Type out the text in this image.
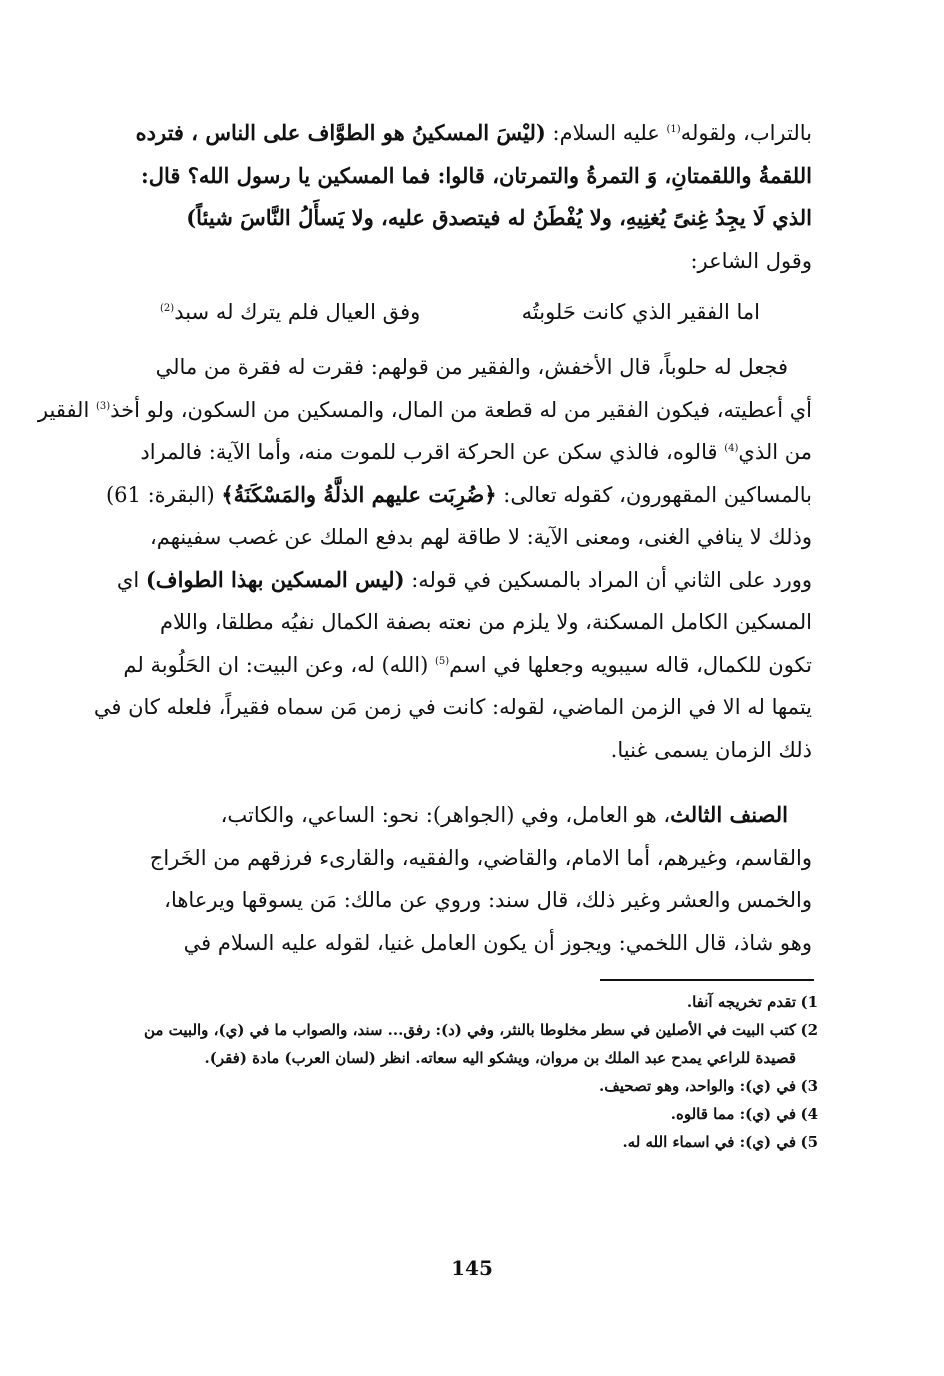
بالتراب، ولقوله$^{(1)}$ عليه السلام: (ليْسَ المسكينُ هو الطوَّاف على الناس ، فترده
اللقمةُ واللقمتانِ، وَ التمرةُ والتمرتان، قالوا: فما المسكين يا رسول الله؟ قال:
الذي لَا يجِدُ غِنىً يُغنِيهِ، ولا يُفْطَنُ له فيتصدق عليه، ولا يَسأَلُ النَّاسَ شيئاً)
وقول الشاعر:
اما الفقير الذي كانت حَلوبتُه
وفق العيال فلم يترك له سبد$^{(2)}$
فجعل له حلوباً، قال الأخفش، والفقير من قولهم: فقرت له فقرة من مالي
أي أعطيته، فيكون الفقير من له قطعة من المال، والمسكين من السكون، ولو أخذ$^{(3)}$ الفقير
من الذي$^{(4)}$ قالوه، فالذي سكن عن الحركة اقرب للموت منه، وأما الآية: فالمراد
بالمساكين المقهورون، كقوله تعالى: ﴿ضُرِبَت عليهم الذلَّةُ والمَسْكَنَةُ﴾ (البقرة: 61)
وذلك لا ينافي الغنى، ومعنى الآية: لا طاقة لهم بدفع الملك عن غصب سفينهم،
وورد على الثاني أن المراد بالمسكين في قوله: (ليس المسكين بهذا الطواف) اي
المسكين الكامل المسكنة، ولا يلزم من نعته بصفة الكمال نفيُه مطلقا، واللام
تكون للكمال، قاله سيبويه وجعلها في اسم$^{(5)}$ (الله) له، وعن البيت: ان الحَلُوبة لم
يتمها له الا في الزمن الماضي، لقوله: كانت في زمن مَن سماه فقيراً، فلعله كان في
ذلك الزمان يسمى غنيا.
الصنف الثالث، هو العامل، وفي (الجواهر): نحو: الساعي، والكاتب،
والقاسم، وغيرهم، أما الامام، والقاضي، والفقيه، والقارىء فرزقهم من الخَراج
والخمس والعشر وغير ذلك، قال سند: وروي عن مالك: مَن يسوقها ويرعاها،
وهو شاذ، قال اللخمي: ويجوز أن يكون العامل غنيا، لقوله عليه السلام في
1)
تقدم تخريجه آنفا.
2)
كتب البيت في الأصلين في سطر مخلوطا بالنثر، وفي (د): رفق... سند، والصواب ما في (ي)، والبيت من قصيدة للراعي يمدح عبد الملك بن مروان، ويشكو اليه سعاته. انظر (لسان العرب) مادة (فقر).
3)
في (ي): والواحد، وهو تصحيف.
4)
في (ي): مما قالوه.
5)
في (ي): في اسماء الله له.
145
